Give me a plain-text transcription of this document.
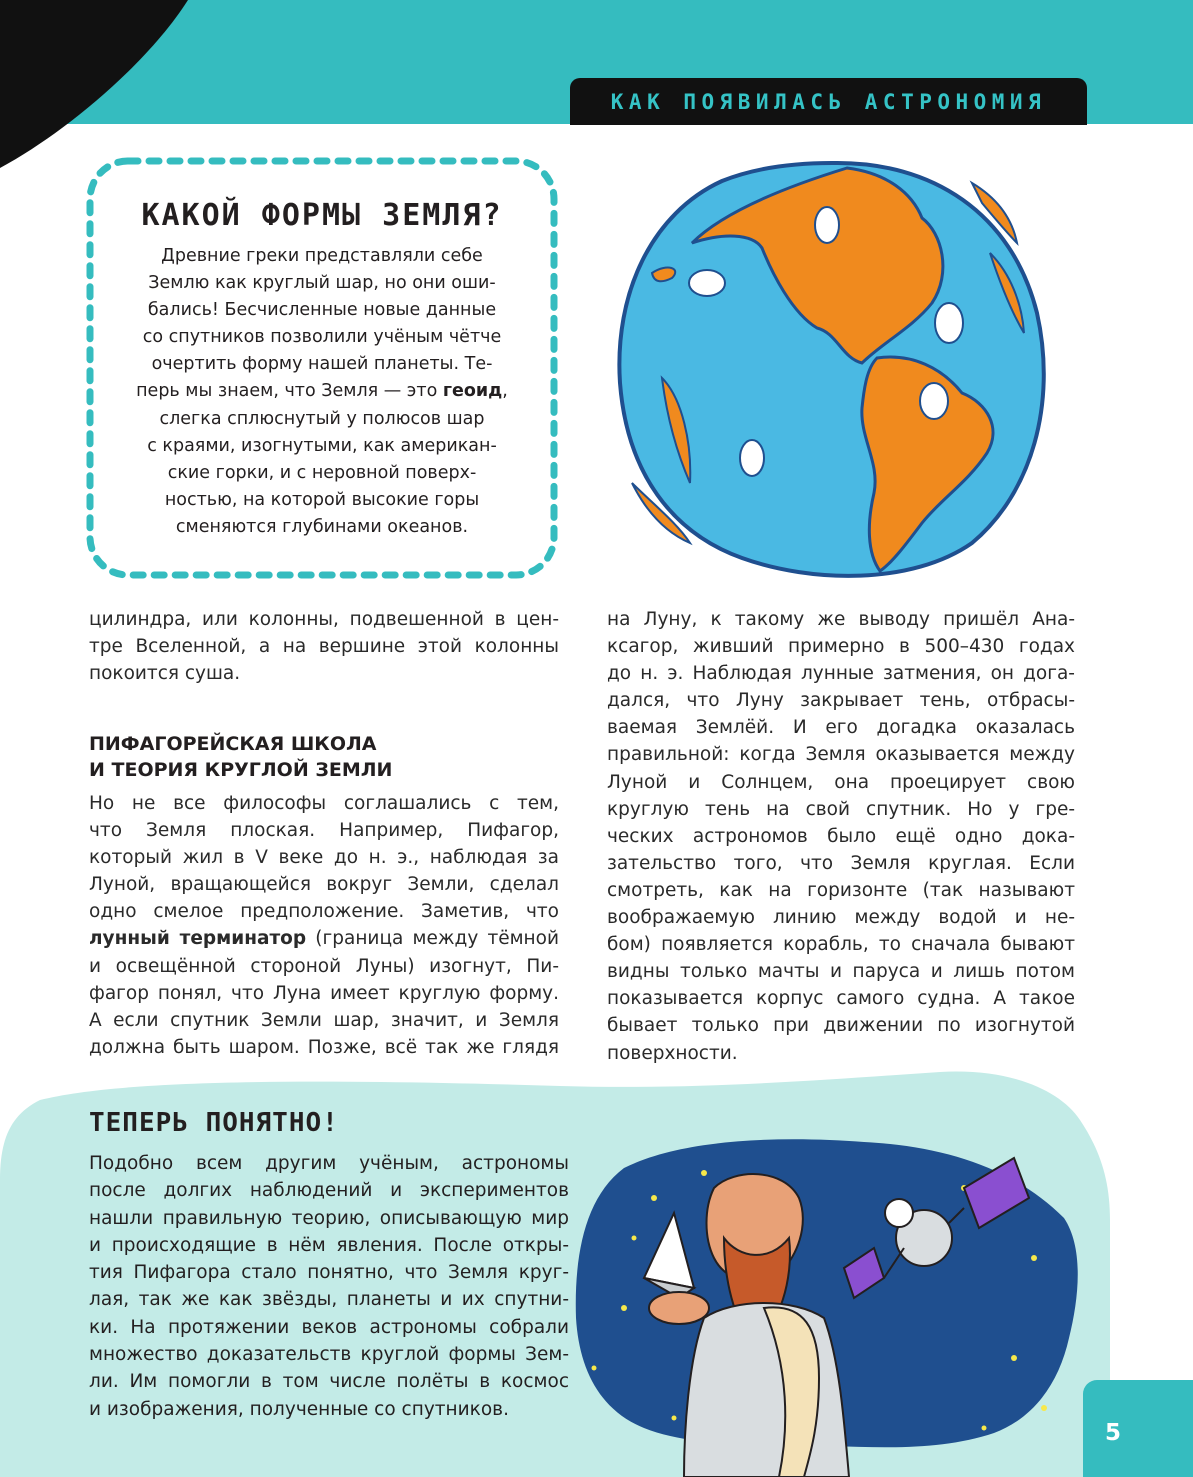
КАК ПОЯВИЛАСЬ АСТРОНОМИЯ
КАКОЙ ФОРМЫ ЗЕМЛЯ?
Древние греки представляли себе
Землю как круглый шар, но они оши-
бались! Бесчисленные новые данные
со спутников позволили учёным чётче
очертить форму нашей планеты. Те-
перь мы знаем, что Земля — это геоид,
слегка сплюснутый у полюсов шар
с краями, изогнутыми, как американ-
ские горки, и с неровной поверх-
ностью, на которой высокие горы
сменяются глубинами океанов.
цилиндра, или колонны, подвешенной в цен-
тре Вселенной, а на вершине этой колонны
покоится суша.
ПИФАГОРЕЙСКАЯ ШКОЛА
И ТЕОРИЯ КРУГЛОЙ ЗЕМЛИ
Но не все философы соглашались с тем,
что Земля плоская. Например, Пифагор,
который жил в V веке до н. э., наблюдая за
Луной, вращающейся вокруг Земли, сделал
одно смелое предположение. Заметив, что
лунный терминатор (граница между тёмной
и освещённой стороной Луны) изогнут, Пи-
фагор понял, что Луна имеет круглую форму.
А если спутник Земли шар, значит, и Земля
должна быть шаром. Позже, всё так же глядя
на Луну, к такому же выводу пришёл Ана-
ксагор, живший примерно в 500–430 годах
до н. э. Наблюдая лунные затмения, он дога-
дался, что Луну закрывает тень, отбрасы-
ваемая Землёй. И его догадка оказалась
правильной: когда Земля оказывается между
Луной и Солнцем, она проецирует свою
круглую тень на свой спутник. Но у гре-
ческих астрономов было ещё одно дока-
зательство того, что Земля круглая. Если
смотреть, как на горизонте (так называют
воображаемую линию между водой и не-
бом) появляется корабль, то сначала бывают
видны только мачты и паруса и лишь потом
показывается корпус самого судна. А такое
бывает только при движении по изогнутой
поверхности.
ТЕПЕРЬ ПОНЯТНО!
Подобно всем другим учёным, астрономы
после долгих наблюдений и экспериментов
нашли правильную теорию, описывающую мир
и происходящие в нём явления. После откры-
тия Пифагора стало понятно, что Земля круг-
лая, так же как звёзды, планеты и их спутни-
ки. На протяжении веков астрономы собрали
множество доказательств круглой формы Зем-
ли. Им помогли в том числе полёты в космос
и изображения, полученные со спутников.
5
